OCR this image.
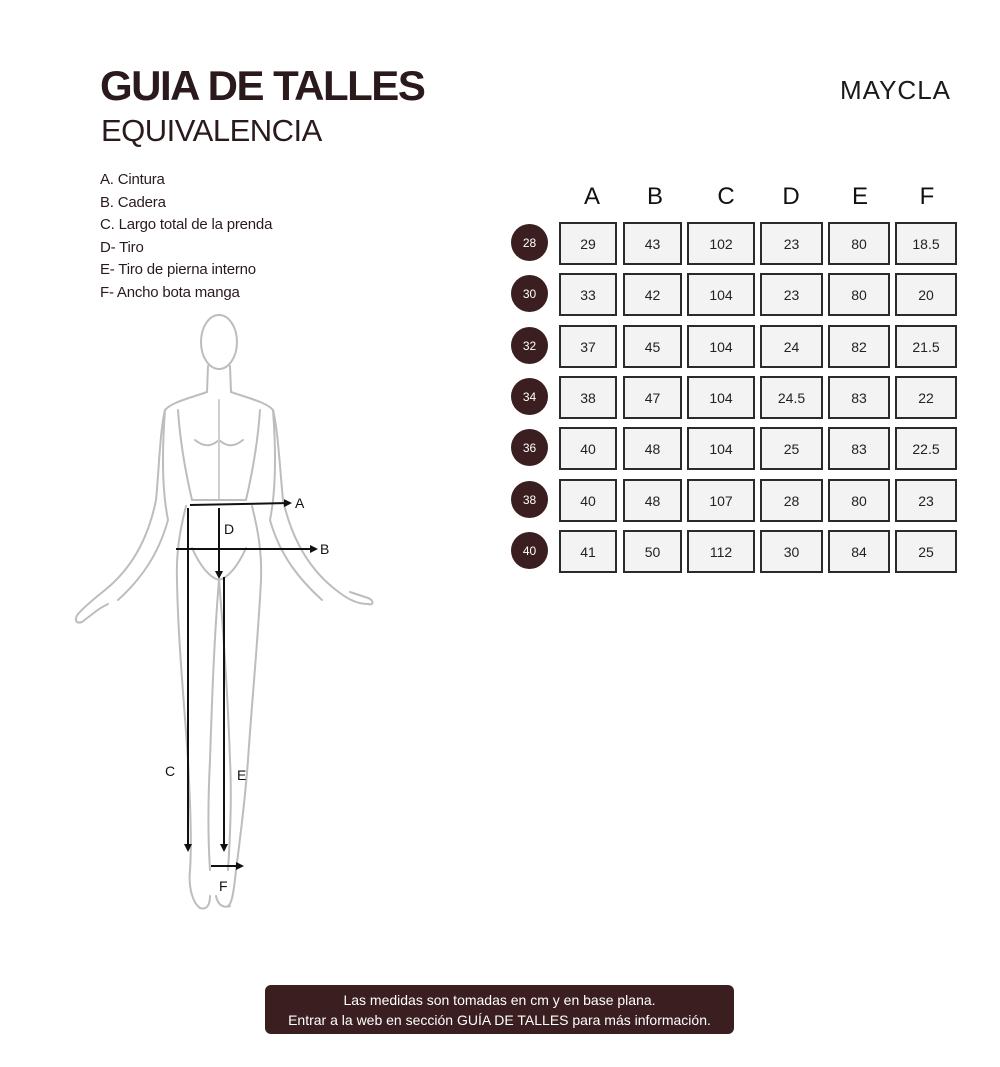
GUIA DE TALLES
EQUIVALENCIA
MAYCLA
A. Cintura
B. Cadera
C. Largo total de la prenda
D- Tiro
E- Tiro de pierna interno
F- Ancho bota manga
A
B
C
D
E
F
A B C D E F
28	29	43	102	23	80	18.5
30	33	42	104	23	80	20
32	37	45	104	24	82	21.5
34	38	47	104	24.5	83	22
36	40	48	104	25	83	22.5
38	40	48	107	28	80	23
40	41	50	112	30	84	25
Las medidas son tomadas en cm y en base plana.
Entrar a la web en sección GUÍA DE TALLES para más información.
